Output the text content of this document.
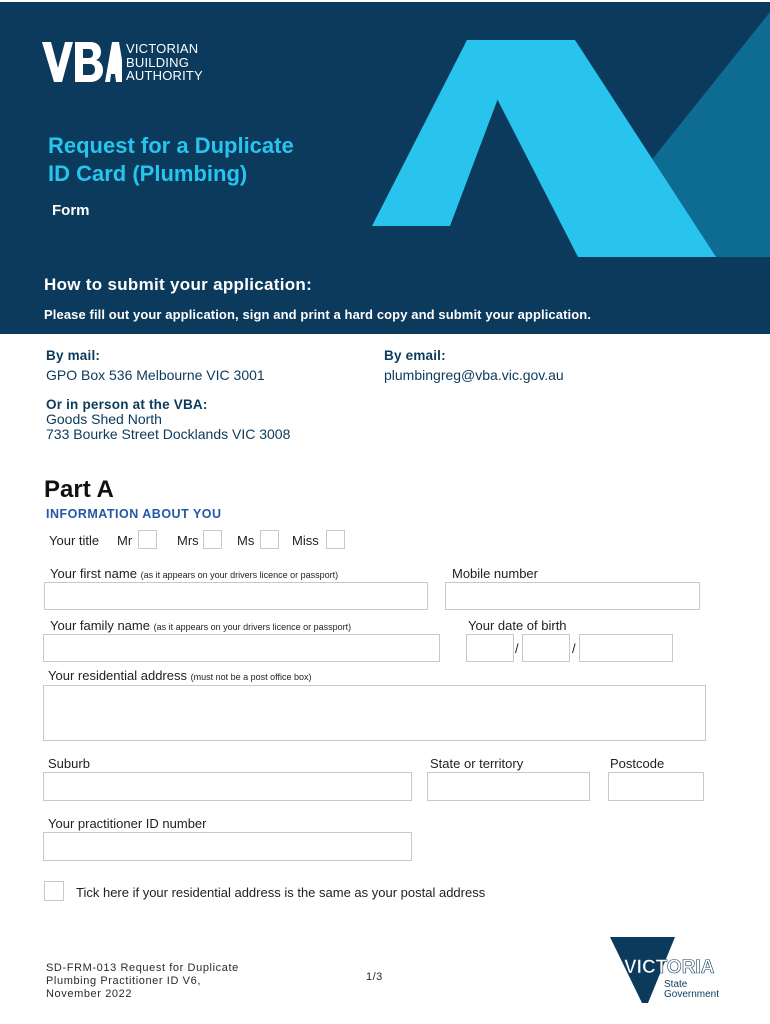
VICTORIAN
BUILDING
AUTHORITY
Request for a Duplicate
ID Card (Plumbing)
Form
How to submit your application:
Please fill out your application, sign and print a hard copy and submit your application.
By mail:
GPO Box 536 Melbourne VIC 3001
By email:
plumbingreg@vba.vic.gov.au
Or in person at the VBA:
Goods Shed North
733 Bourke Street Docklands VIC 3008
Part A
INFORMATION ABOUT YOU
Your title Mr	Mrs	Ms	Miss
Your first name (as it appears on your drivers licence or passport)	Mobile number
Your family name (as it appears on your drivers licence or passport)	Your date of birth
/	/
Your residential address (must not be a post office box)
Suburb	State or territory	Postcode
Your practitioner ID number
Tick here if your residential address is the same as your postal address
SD-FRM-013 Request for Duplicate
Plumbing Practitioner ID V6,
November 2022
1/3	VICTORIA
State
Government
